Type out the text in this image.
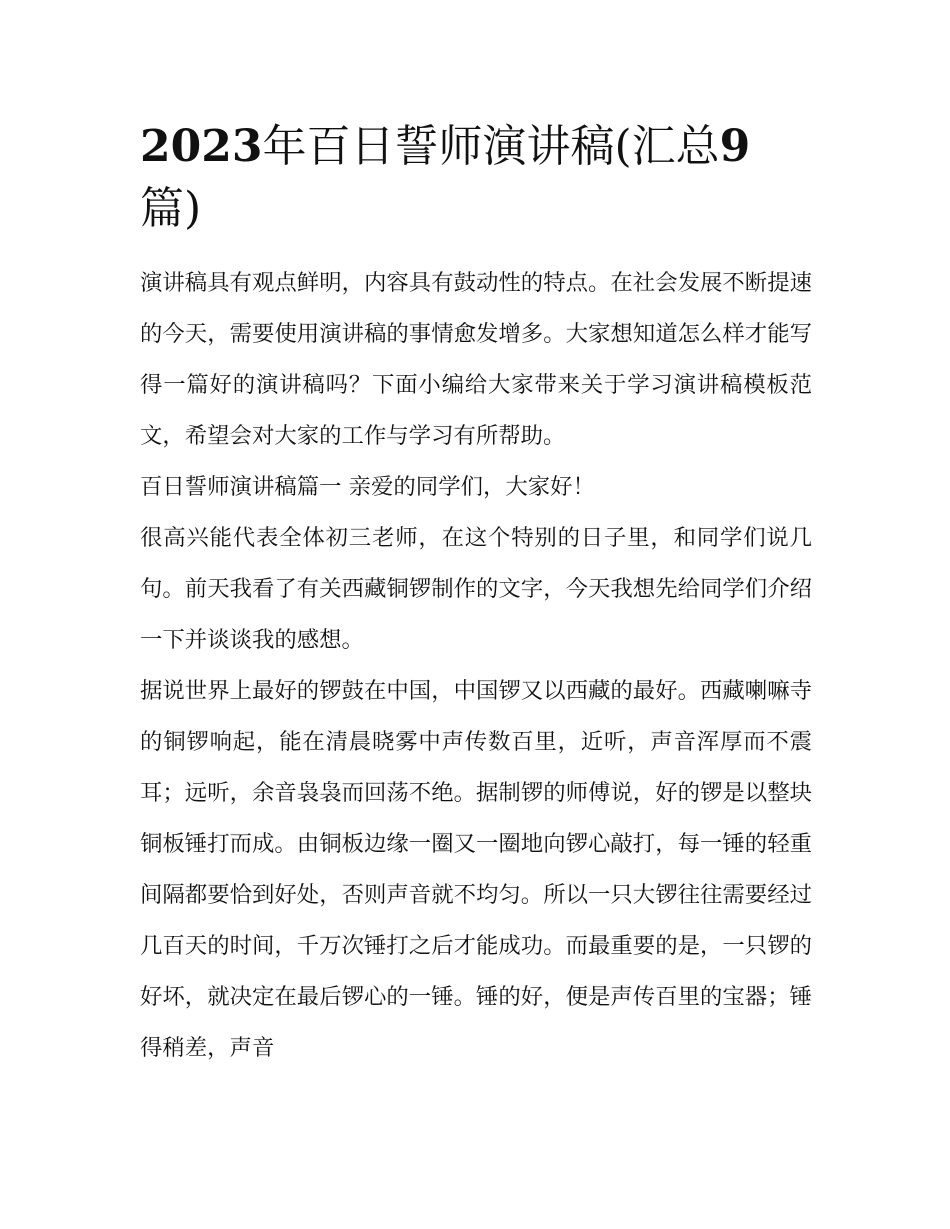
2023年百日誓师演讲稿(汇总9
篇)

演讲稿具有观点鲜明，内容具有鼓动性的特点。在社会发展不断提速的今天，需要使用演讲稿的事情愈发增多。大家想知道怎么样才能写得一篇好的演讲稿吗？下面小编给大家带来关于学习演讲稿模板范文，希望会对大家的工作与学习有所帮助。

百日誓师演讲稿篇一 亲爱的同学们，大家好！

很高兴能代表全体初三老师，在这个特别的日子里，和同学们说几句。前天我看了有关西藏铜锣制作的文字，今天我想先给同学们介绍一下并谈谈我的感想。

据说世界上最好的锣鼓在中国，中国锣又以西藏的最好。西藏喇嘛寺的铜锣响起，能在清晨晓雾中声传数百里，近听，声音浑厚而不震耳；远听，余音袅袅而回荡不绝。据制锣的师傅说，好的锣是以整块铜板锤打而成。由铜板边缘一圈又一圈地向锣心敲打，每一锤的轻重间隔都要恰到好处，否则声音就不均匀。所以一只大锣往往需要经过几百天的时间，千万次锤打之后才能成功。而最重要的是，一只锣的好坏，就决定在最后锣心的一锤。锤的好，便是声传百里的宝器；锤得稍差，声音
